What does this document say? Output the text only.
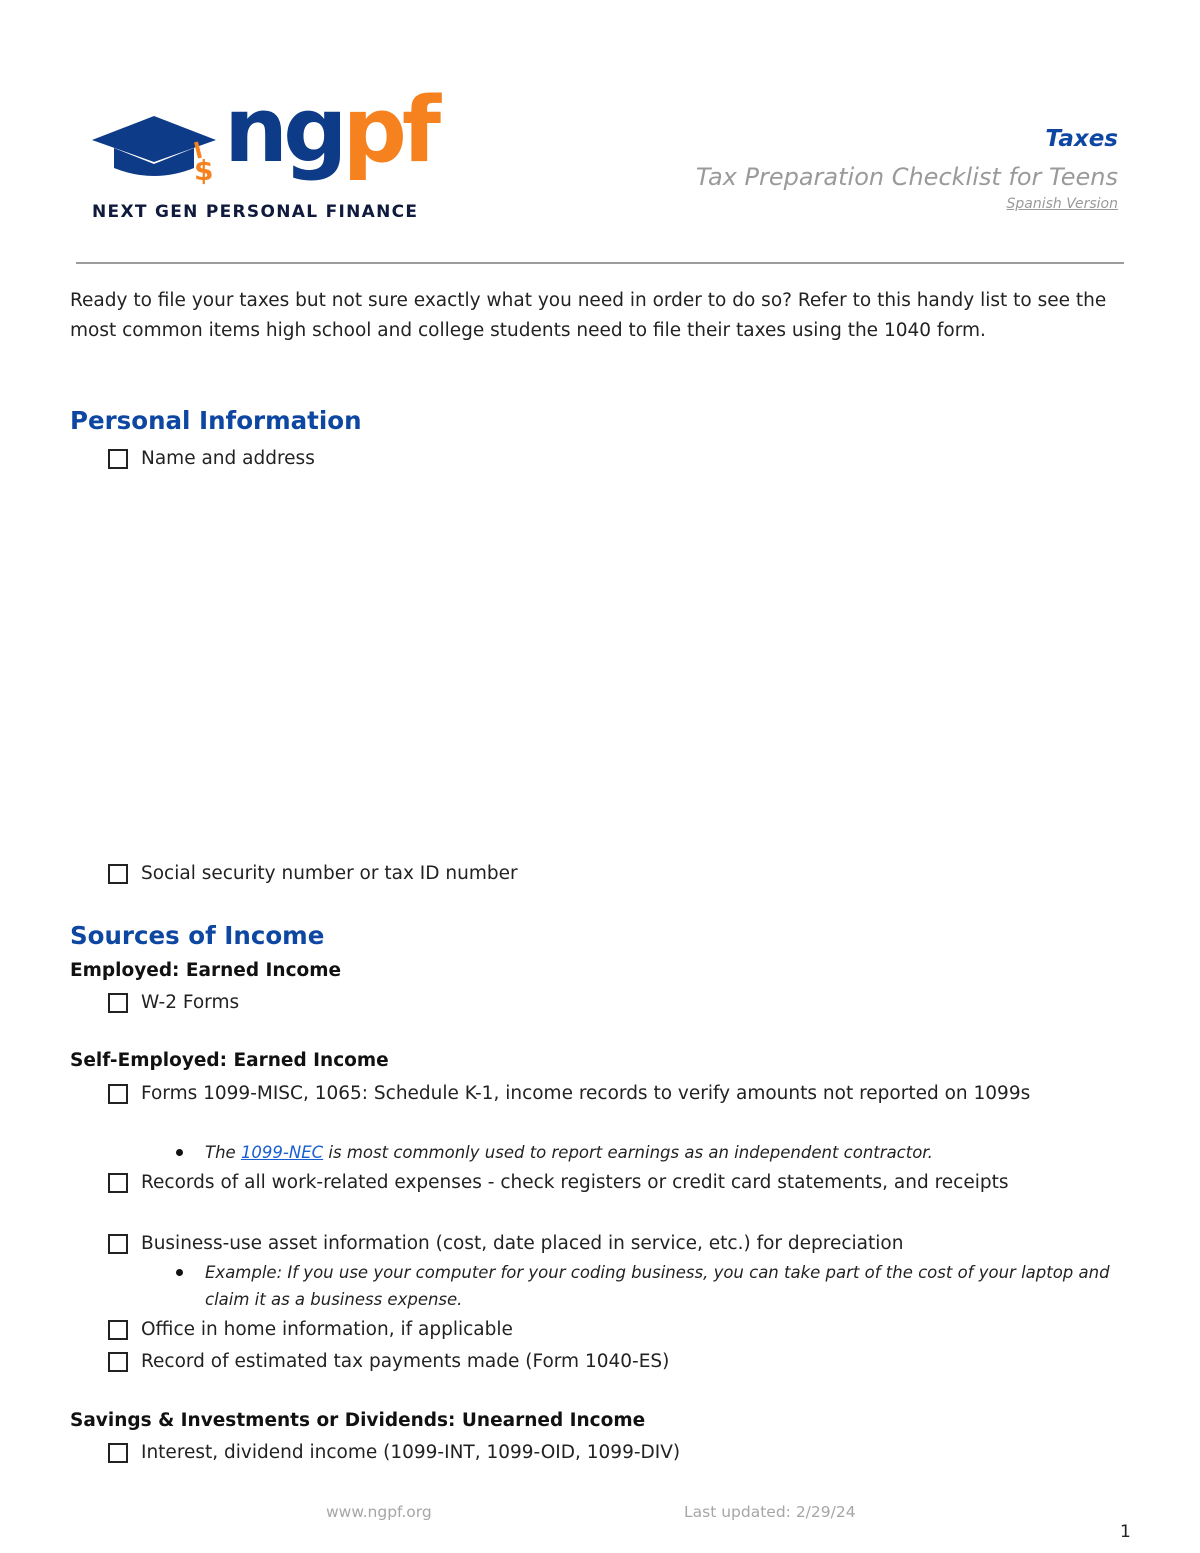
$ ngpf
NEXT GEN PERSONAL FINANCE
Taxes
Tax Preparation Checklist for Teens
Spanish Version
Ready to file your taxes but not sure exactly what you need in order to do so? Refer to this handy list to see the most common items high school and college students need to file their taxes using the 1040 form.
Personal Information
Name and address
Social security number or tax ID number
Sources of Income
Employed: Earned Income
W-2 Forms
Self-Employed: Earned Income
Forms 1099-MISC, 1065: Schedule K-1, income records to verify amounts not reported on 1099s
The 1099-NEC is most commonly used to report earnings as an independent contractor.
Records of all work-related expenses - check registers or credit card statements, and receipts
Business-use asset information (cost, date placed in service, etc.) for depreciation
Example: If you use your computer for your coding business, you can take part of the cost of your laptop and claim it as a business expense.
Office in home information, if applicable
Record of estimated tax payments made (Form 1040-ES)
Savings & Investments or Dividends: Unearned Income
Interest, dividend income (1099-INT, 1099-OID, 1099-DIV)
www.ngpf.org	Last updated: 2/29/24
1
